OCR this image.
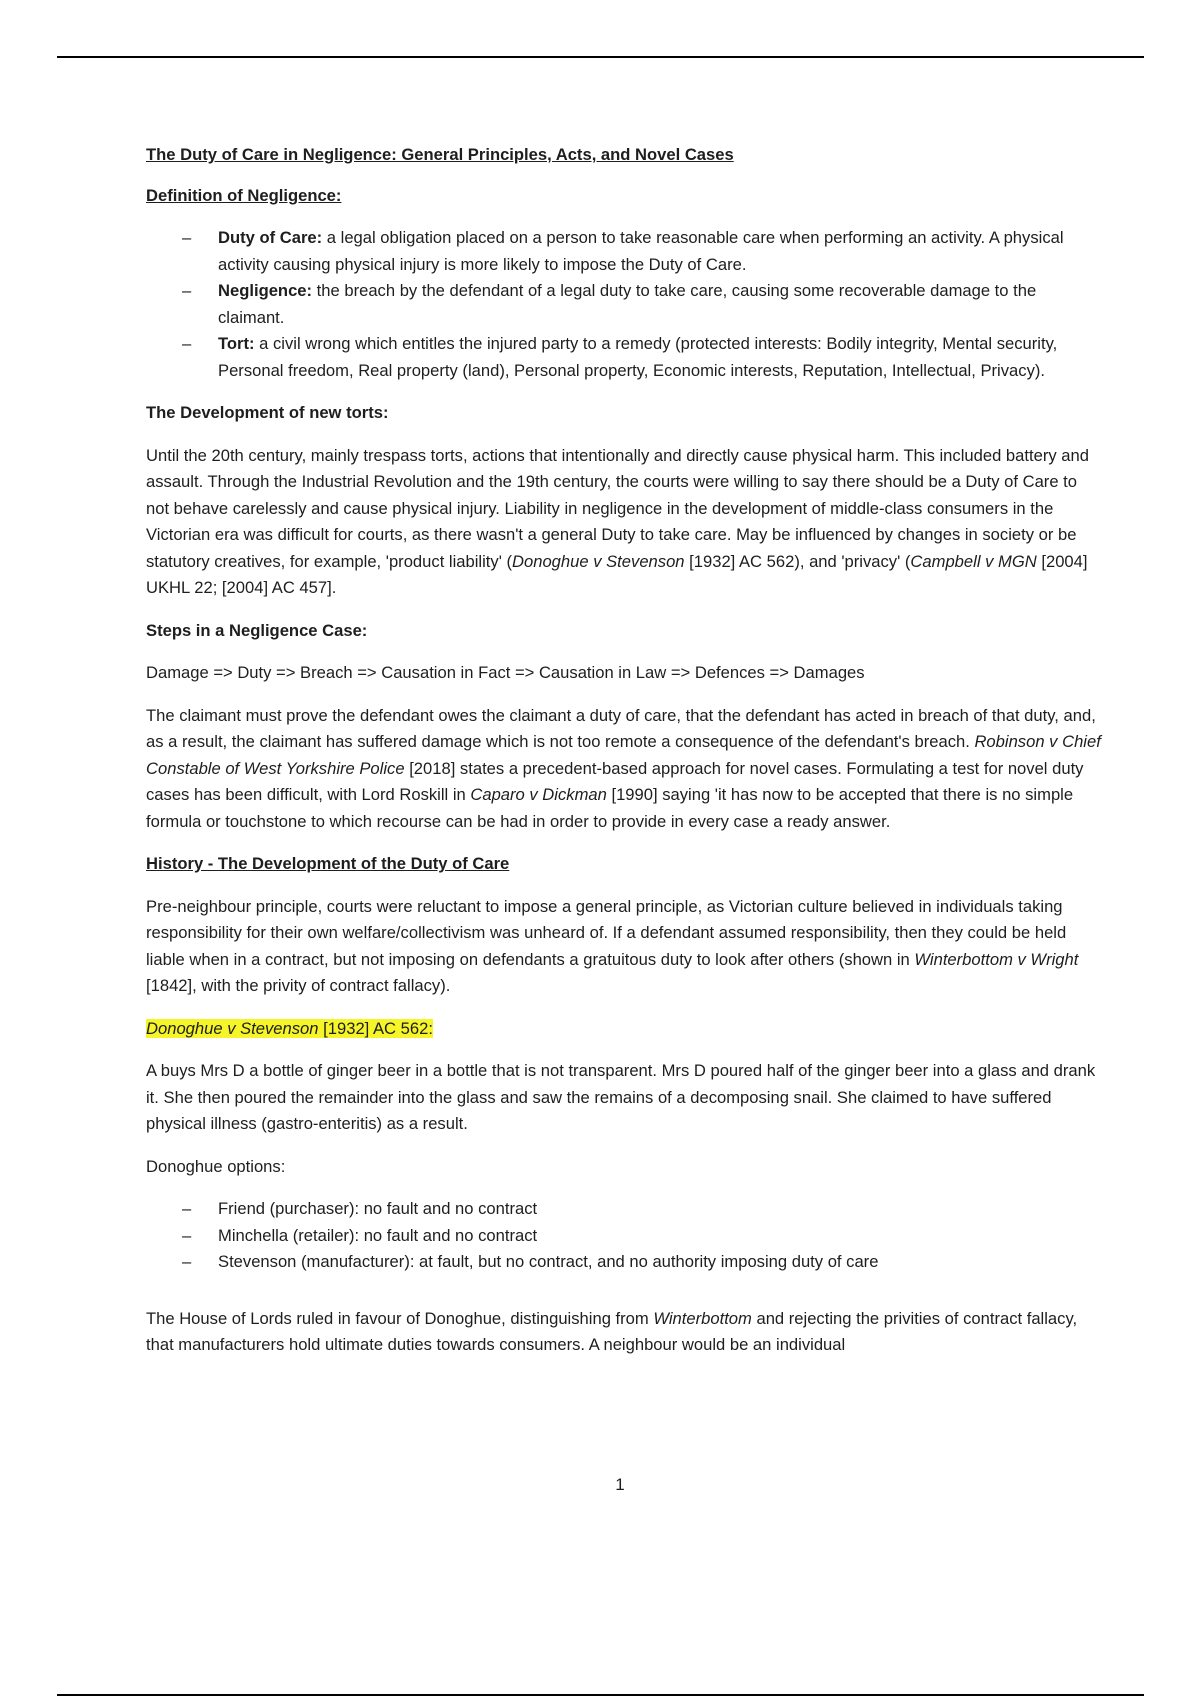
The Duty of Care in Negligence: General Principles, Acts, and Novel Cases

Definition of Negligence:

– Duty of Care: a legal obligation placed on a person to take reasonable care when performing an activity. A physical activity causing physical injury is more likely to impose the Duty of Care.
– Negligence: the breach by the defendant of a legal duty to take care, causing some recoverable damage to the claimant.
– Tort: a civil wrong which entitles the injured party to a remedy (protected interests: Bodily integrity, Mental security, Personal freedom, Real property (land), Personal property, Economic interests, Reputation, Intellectual, Privacy).

The Development of new torts:

Until the 20th century, mainly trespass torts, actions that intentionally and directly cause physical harm. This included battery and assault. Through the Industrial Revolution and the 19th century, the courts were willing to say there should be a Duty of Care to not behave carelessly and cause physical injury. Liability in negligence in the development of middle-class consumers in the Victorian era was difficult for courts, as there wasn't a general Duty to take care. May be influenced by changes in society or be statutory creatives, for example, 'product liability' (Donoghue v Stevenson [1932] AC 562), and 'privacy' (Campbell v MGN [2004] UKHL 22; [2004] AC 457].

Steps in a Negligence Case:

Damage => Duty => Breach => Causation in Fact => Causation in Law => Defences => Damages

The claimant must prove the defendant owes the claimant a duty of care, that the defendant has acted in breach of that duty, and, as a result, the claimant has suffered damage which is not too remote a consequence of the defendant's breach. Robinson v Chief Constable of West Yorkshire Police [2018] states a precedent-based approach for novel cases. Formulating a test for novel duty cases has been difficult, with Lord Roskill in Caparo v Dickman [1990] saying 'it has now to be accepted that there is no simple formula or touchstone to which recourse can be had in order to provide in every case a ready answer.

History - The Development of the Duty of Care

Pre-neighbour principle, courts were reluctant to impose a general principle, as Victorian culture believed in individuals taking responsibility for their own welfare/collectivism was unheard of. If a defendant assumed responsibility, then they could be held liable when in a contract, but not imposing on defendants a gratuitous duty to look after others (shown in Winterbottom v Wright [1842], with the privity of contract fallacy).

Donoghue v Stevenson [1932] AC 562:

A buys Mrs D a bottle of ginger beer in a bottle that is not transparent. Mrs D poured half of the ginger beer into a glass and drank it. She then poured the remainder into the glass and saw the remains of a decomposing snail. She claimed to have suffered physical illness (gastro-enteritis) as a result.

Donoghue options:

– Friend (purchaser): no fault and no contract
– Minchella (retailer): no fault and no contract
– Stevenson (manufacturer): at fault, but no contract, and no authority imposing duty of care

The House of Lords ruled in favour of Donoghue, distinguishing from Winterbottom and rejecting the privities of contract fallacy, that manufacturers hold ultimate duties towards consumers. A neighbour would be an individual

1
